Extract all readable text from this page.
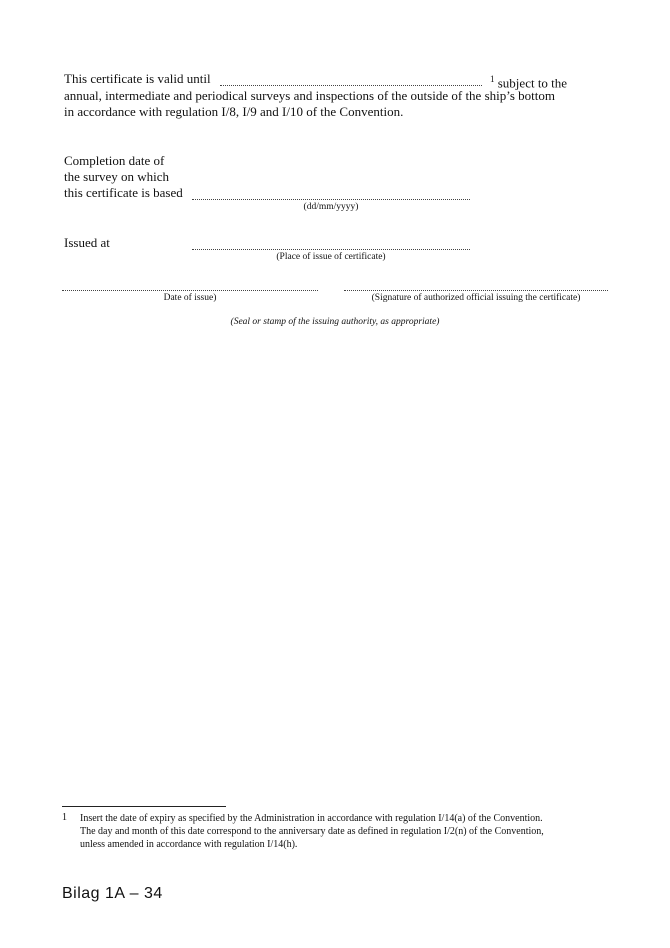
This certificate is valid until	$^1$ subject to the
annual, intermediate and periodical surveys and inspections of the outside of the ship’s bottom
in accordance with regulation I/8, I/9 and I/10 of the Convention.
Completion date of
the survey on which
this certificate is based
(dd/mm/yyyy)
Issued at
(Place of issue of certificate)
Date of issue)	(Signature of authorized official issuing the certificate)
(Seal or stamp of the issuing authority, as appropriate)
1 Insert the date of expiry as specified by the Administration in accordance with regulation I/14(a) of the Convention.
The day and month of this date correspond to the anniversary date as defined in regulation I/2(n) of the Convention,
unless amended in accordance with regulation I/14(h).
Bilag 1A – 34
